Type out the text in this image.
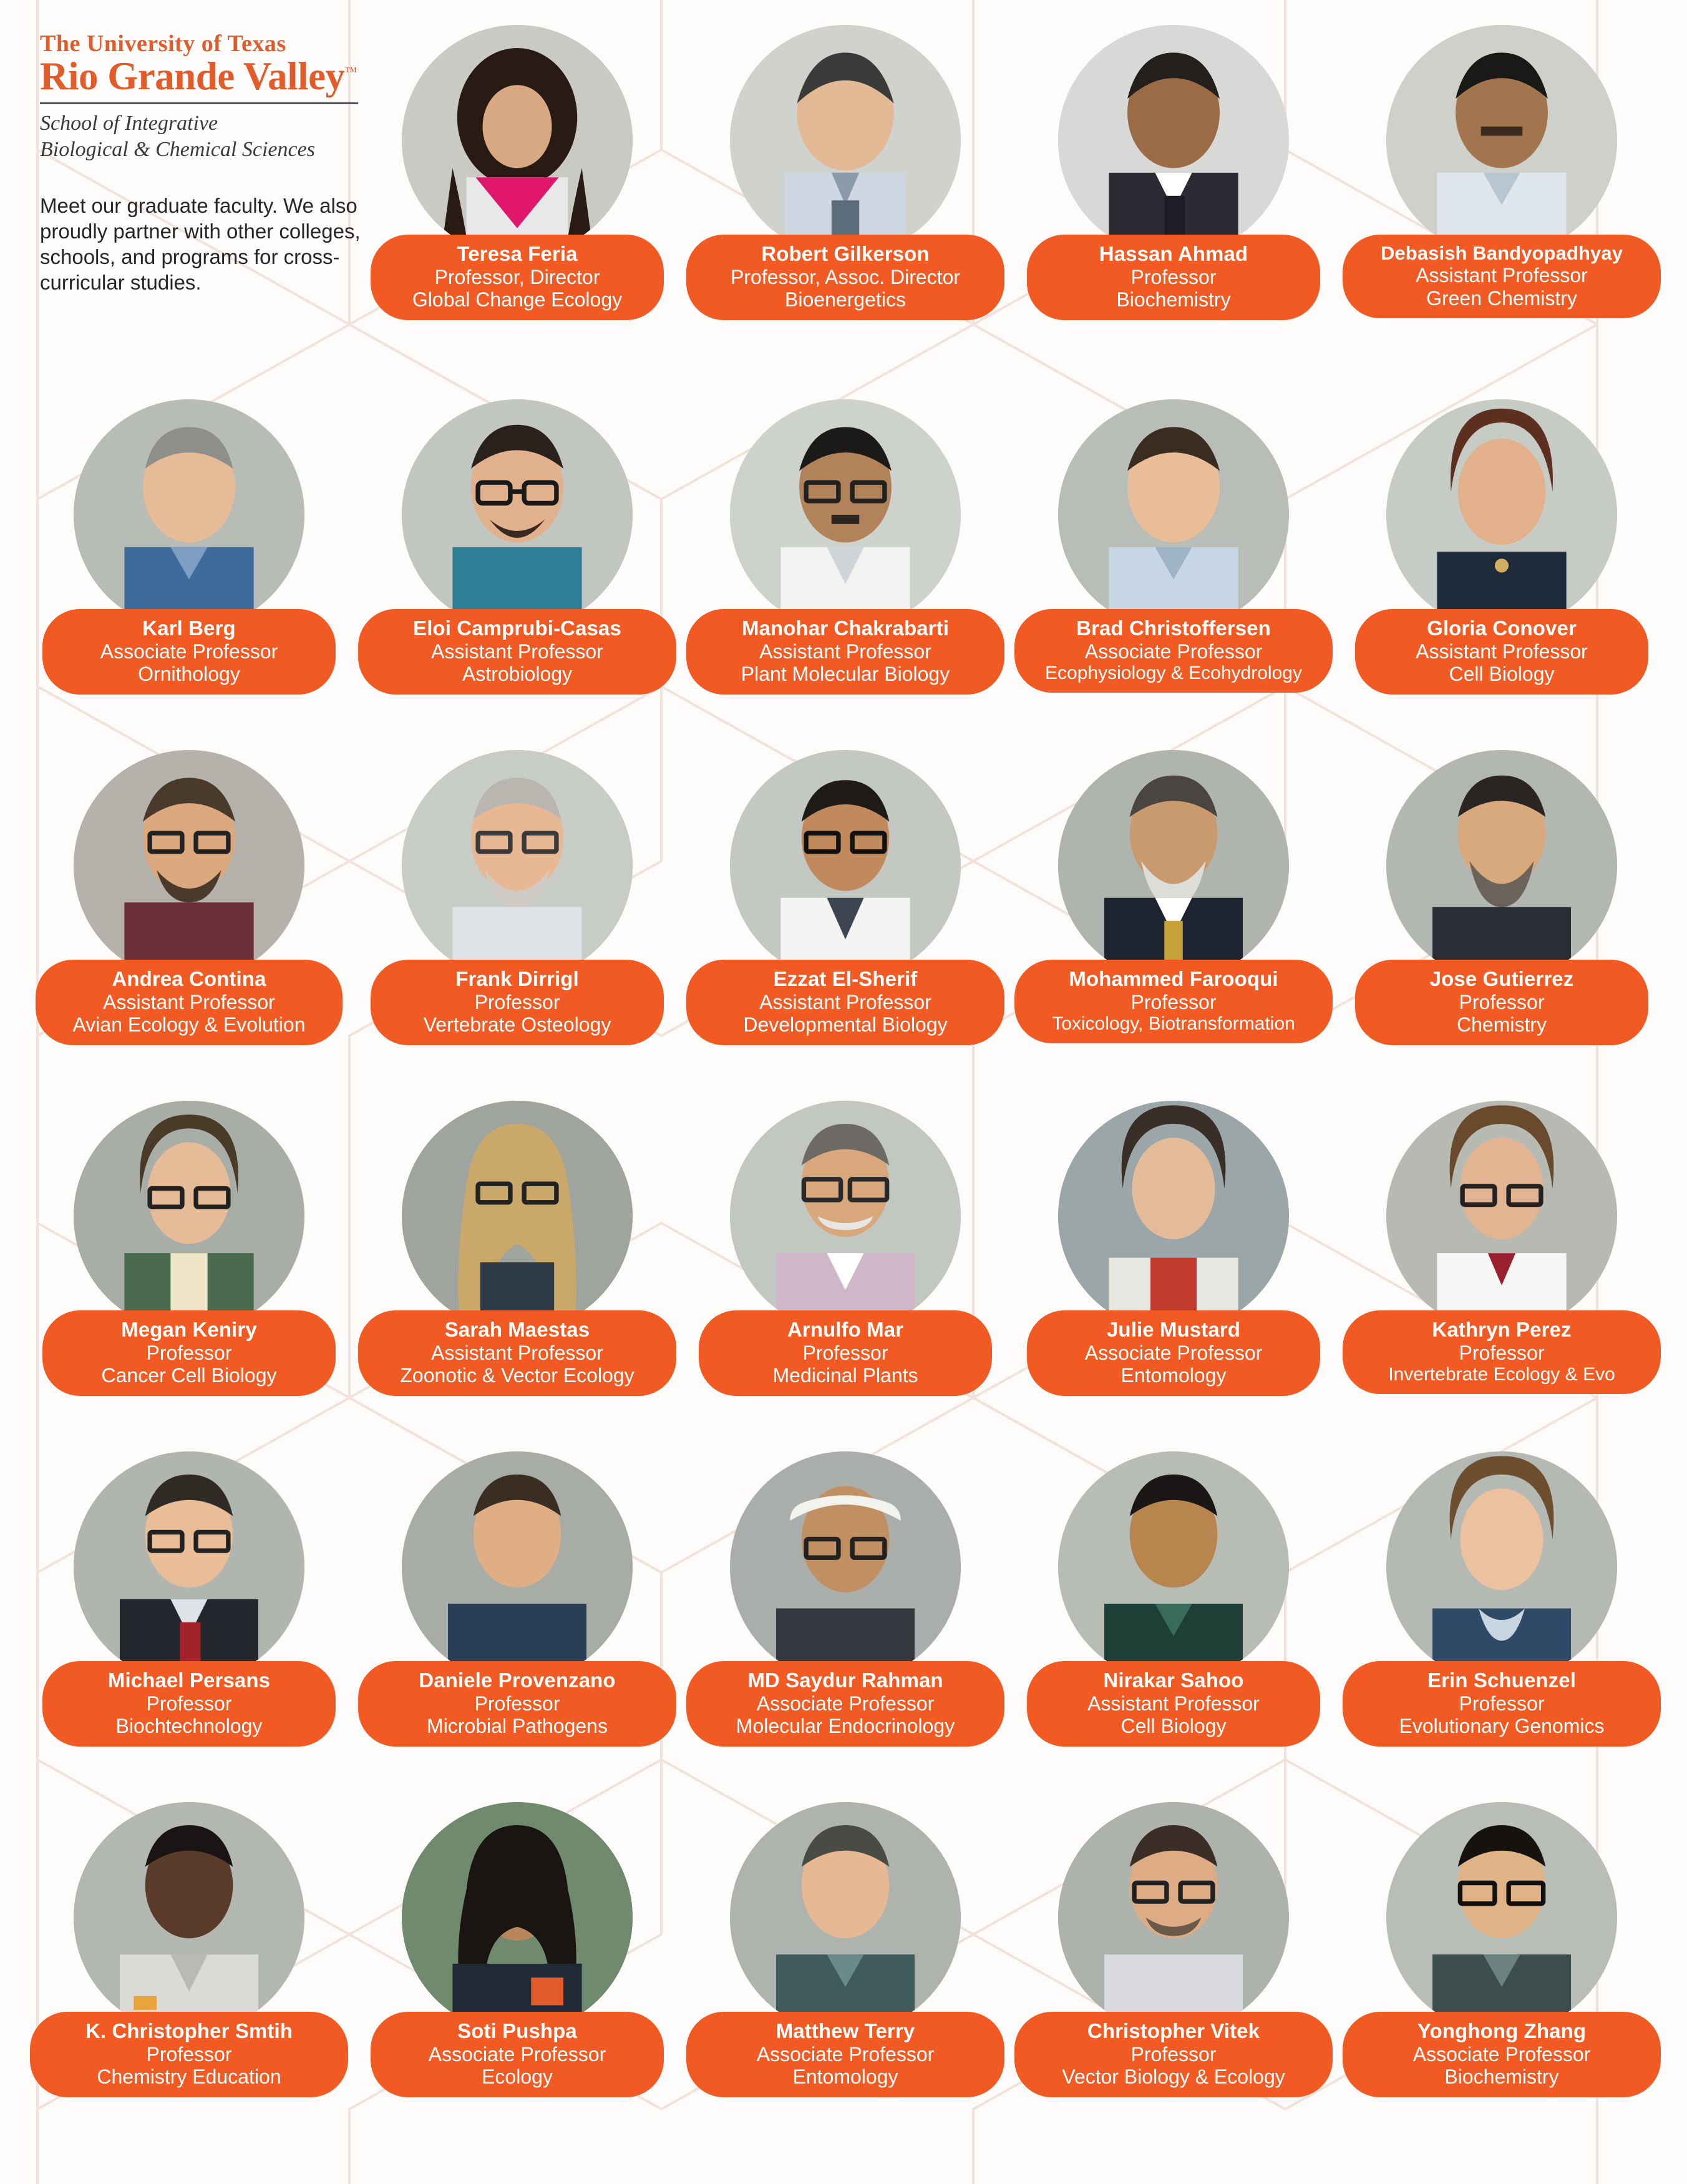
The University of Texas
Rio Grande Valley™
School of Integrative
Biological & Chemical Sciences
Meet our graduate faculty. We also proudly partner with other colleges, schools, and programs for cross-curricular studies.
Teresa Feria
Professor, Director
Global Change Ecology
Robert Gilkerson
Professor, Assoc. Director
Bioenergetics
Hassan Ahmad
Professor
Biochemistry
Debasish Bandyopadhyay
Assistant Professor
Green Chemistry
Karl Berg
Associate Professor
Ornithology
Eloi Camprubi-Casas
Assistant Professor
Astrobiology
Manohar Chakrabarti
Assistant Professor
Plant Molecular Biology
Brad Christoffersen
Associate Professor
Ecophysiology & Ecohydrology
Gloria Conover
Assistant Professor
Cell Biology
Andrea Contina
Assistant Professor
Avian Ecology & Evolution
Frank Dirrigl
Professor
Vertebrate Osteology
Ezzat El-Sherif
Assistant Professor
Developmental Biology
Mohammed Farooqui
Professor
Toxicology, Biotransformation
Jose Gutierrez
Professor
Chemistry
Megan Keniry
Professor
Cancer Cell Biology
Sarah Maestas
Assistant Professor
Zoonotic & Vector Ecology
Arnulfo Mar
Professor
Medicinal Plants
Julie Mustard
Associate Professor
Entomology
Kathryn Perez
Professor
Invertebrate Ecology & Evo
Michael Persans
Professor
Biochtechnology
Daniele Provenzano
Professor
Microbial Pathogens
MD Saydur Rahman
Associate Professor
Molecular Endocrinology
Nirakar Sahoo
Assistant Professor
Cell Biology
Erin Schuenzel
Professor
Evolutionary Genomics
K. Christopher Smtih
Professor
Chemistry Education
Soti Pushpa
Associate Professor
Ecology
Matthew Terry
Associate Professor
Entomology
Christopher Vitek
Professor
Vector Biology & Ecology
Yonghong Zhang
Associate Professor
Biochemistry
